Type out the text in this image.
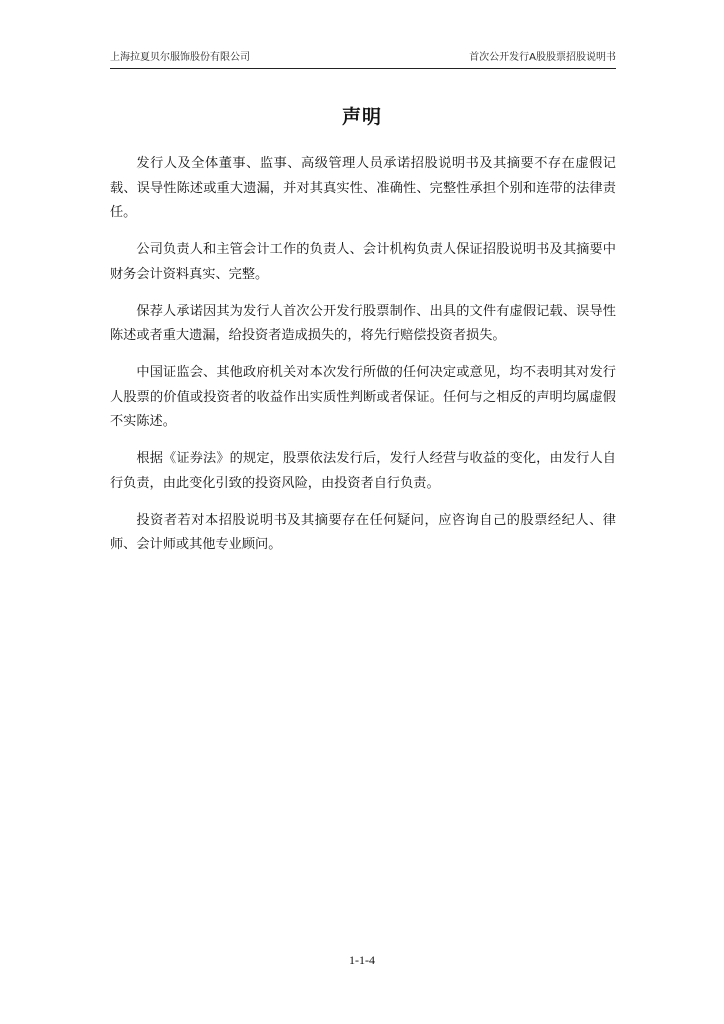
上海拉夏贝尔服饰股份有限公司	首次公开发行A股股票招股说明书
声明

发行人及全体董事、监事、高级管理人员承诺招股说明书及其摘要不存在虚假记载、误导性陈述或重大遗漏，并对其真实性、准确性、完整性承担个别和连带的法律责任。

公司负责人和主管会计工作的负责人、会计机构负责人保证招股说明书及其摘要中财务会计资料真实、完整。

保荐人承诺因其为发行人首次公开发行股票制作、出具的文件有虚假记载、误导性陈述或者重大遗漏，给投资者造成损失的，将先行赔偿投资者损失。

中国证监会、其他政府机关对本次发行所做的任何决定或意见，均不表明其对发行人股票的价值或投资者的收益作出实质性判断或者保证。任何与之相反的声明均属虚假不实陈述。

根据《证券法》的规定，股票依法发行后，发行人经营与收益的变化，由发行人自行负责，由此变化引致的投资风险，由投资者自行负责。

投资者若对本招股说明书及其摘要存在任何疑问，应咨询自己的股票经纪人、律师、会计师或其他专业顾问。

1-1-4
